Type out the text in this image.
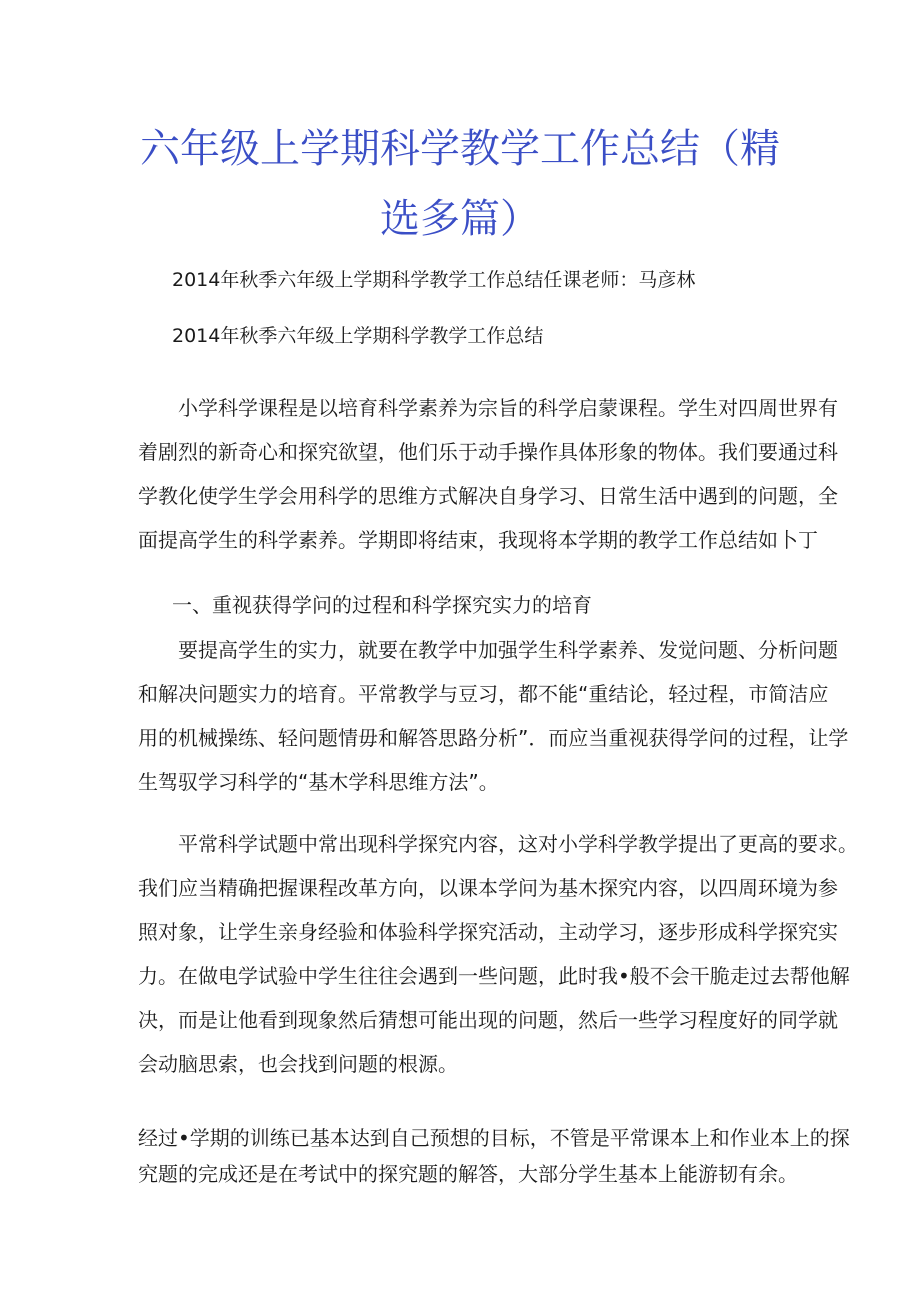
六年级上学期科学教学工作总结（精
选多篇）

2014年秋季六年级上学期科学教学工作总结任课老师：马彦林

2014年秋季六年级上学期科学教学工作总结

小学科学课程是以培育科学素养为宗旨的科学启蒙课程。学生对四周世界有
着剧烈的新奇心和探究欲望，他们乐于动手操作具体形象的物体。我们要通过科
学教化使学生学会用科学的思维方式解决自身学习、日常生活中遇到的问题，全
面提高学生的科学素养。学期即将结束，我现将本学期的教学工作总结如卜丁

一、重视获得学问的过程和科学探究实力的培育

要提高学生的实力，就要在教学中加强学生科学素养、发觉问题、分析问题
和解决问题实力的培育。平常教学与豆习，都不能“重结论，轻过程，市简洁应
用的机械操练、轻问题情毋和解答思路分析”．而应当重视获得学问的过程，让学
生驾驭学习科学的“基木学科思维方法”。
平常科学试题中常出现科学探究内容，这对小学科学教学提出了更高的要求。
我们应当精确把握课程改革方向，以课本学问为基木探究内容，以四周环境为参
照对象，让学生亲身经验和体验科学探究活动，主动学习，逐步形成科学探究实
力。在做电学试验中学生往往会遇到一些问题，此时我•般不会干脆走过去帮他解
决，而是让他看到现象然后猜想可能出现的问题，然后一些学习程度好的同学就
会动脑思索，也会找到问题的根源。
经过•学期的训练已基本达到自己预想的目标，不管是平常课本上和作业本上的探
究题的完成还是在考试中的探究题的解答，大部分学生基本上能游韧有余。
